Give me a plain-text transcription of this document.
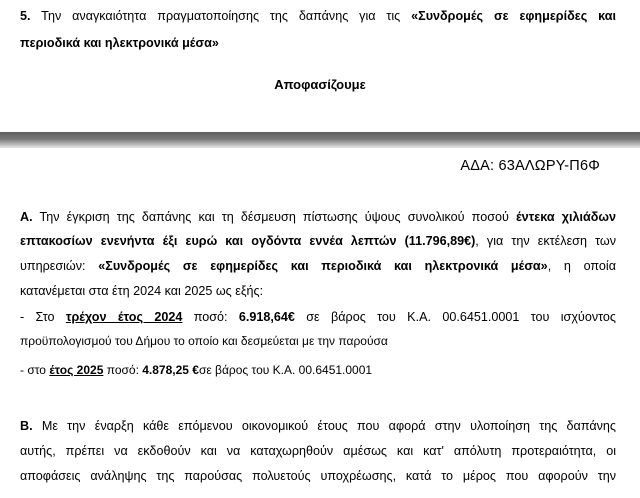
5. Την αναγκαιότητα πραγματοποίησης της δαπάνης για τις «Συνδρομές σε εφημερίδες και
περιοδικά και ηλεκτρονικά μέσα»
Αποφασίζουμε
ΑΔΑ: 63ΑΛΩΡΥ-Π6Φ
Α. Την έγκριση της δαπάνης και τη δέσμευση πίστωσης ύψους συνολικού ποσού έντεκα χιλιάδων
επτακοσίων ενενήντα έξι ευρώ και ογδόντα εννέα λεπτών (11.796,89€), για την εκτέλεση των
υπηρεσιών: «Συνδρομές σε εφημερίδες και περιοδικά και ηλεκτρονικά μέσα», η οποία
κατανέμεται στα έτη 2024 και 2025 ως εξής:
- Στο τρέχον έτος 2024 ποσό: 6.918,64€ σε βάρος του Κ.Α. 00.6451.0001 του ισχύοντος
προϋπολογισμού του Δήμου το οποίο και δεσμεύεται με την παρούσα
- στο έτος 2025 ποσό: 4.878,25 €σε βάρος του Κ.Α. 00.6451.0001
Β. Με την έναρξη κάθε επόμενου οικονομικού έτους που αφορά στην υλοποίηση της δαπάνης
αυτής, πρέπει να εκδοθούν και να καταχωρηθούν αμέσως και κατ' απόλυτη προτεραιότητα, οι
αποφάσεις ανάληψης της παρούσας πολυετούς υποχρέωσης, κατά το μέρος που αφορούν την
